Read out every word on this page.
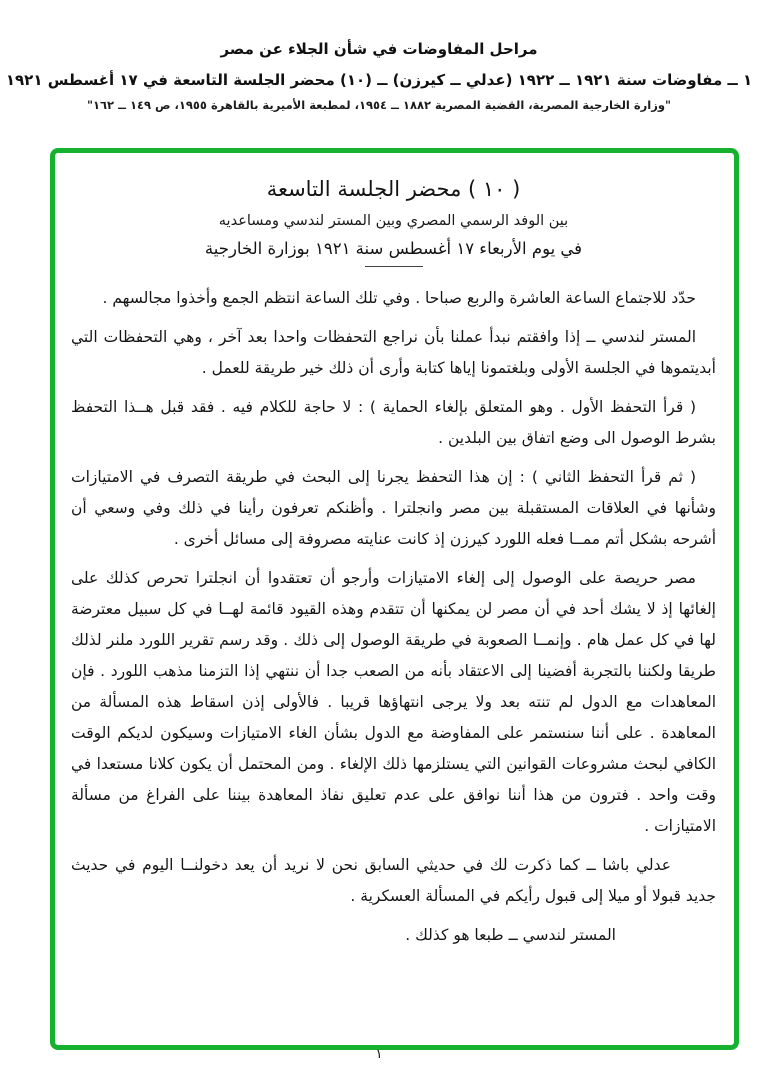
مراحل المفاوضات في شأن الجلاء عن مصر
١ ــ مفاوضات سنة ١٩٢١ ــ ١٩٢٢ (عدلي ــ كيرزن) ــ (١٠) محضر الجلسة التاسعة في ١٧ أغسطس ١٩٢١
"وزارة الخارجية المصرية، القضية المصرية ١٨٨٢ ــ ١٩٥٤، لمطبعة الأميرية بالقاهرة ١٩٥٥، ص ١٤٩ ــ ١٦٢"
( ١٠ ) محضر الجلسة التاسعة
بين الوفد الرسمي المصري وبين المستر لندسي ومساعديه
في يوم الأربعاء ١٧ أغسطس سنة ١٩٢١ بوزارة الخارجية

حدّد للاجتماع الساعة العاشرة والربع صباحا . وفي تلك الساعة انتظم الجمع وأخذوا مجالسهم .

المستر لندسي ــ إذا وافقتم نبدأ عملنا بأن نراجع التحفظات واحدا بعد آخر ، وهي التحفظات التي أبديتموها في الجلسة الأولى وبلغتمونا إياها كتابة وأرى أن ذلك خير طريقة للعمل .

( قرأ التحفظ الأول . وهو المتعلق بإلغاء الحماية ) : لا حاجة للكلام فيه . فقد قبل هــذا التحفظ بشرط الوصول الى وضع اتفاق بين البلدين .

( ثم قرأ التحفظ الثاني ) : إن هذا التحفظ يجرنا إلى البحث في طريقة التصرف في الامتيازات وشأنها في العلاقات المستقبلة بين مصر وانجلترا . وأظنكم تعرفون رأينا في ذلك وفي وسعي أن أشرحه بشكل أتم ممــا فعله اللورد كيرزن إذ كانت عنايته مصروفة إلى مسائل أخرى .

مصر حريصة على الوصول إلى إلغاء الامتيازات وأرجو أن تعتقدوا أن انجلترا تحرص كذلك على إلغائها إذ لا يشك أحد في أن مصر لن يمكنها أن تتقدم وهذه القيود قائمة لهــا في كل سبيل معترضة لها في كل عمل هام . وإنمــا الصعوبة في طريقة الوصول إلى ذلك . وقد رسم تقرير اللورد ملنر لذلك طريقا ولكننا بالتجربة أفضينا إلى الاعتقاد بأنه من الصعب جدا أن ننتهي إذا التزمنا مذهب اللورد . فإن المعاهدات مع الدول لم تنته بعد ولا يرجى انتهاؤها قريبا . فالأولى إذن اسقاط هذه المسألة من المعاهدة . على أننا سنستمر على المفاوضة مع الدول بشأن الغاء الامتيازات وسيكون لديكم الوقت الكافي لبحث مشروعات القوانين التي يستلزمها ذلك الإلغاء . ومن المحتمل أن يكون كلانا مستعدا في وقت واحد . فترون من هذا أننا نوافق على عدم تعليق نفاذ المعاهدة بيننا على الفراغ من مسألة الامتيازات .

عدلي باشا ــ كما ذكرت لك في حديثي السابق نحن لا نريد أن يعد دخولنــا اليوم في حديث جديد قبولا أو ميلا إلى قبول رأيكم في المسألة العسكرية .

المستر لندسي ــ طبعا هو كذلك .

١
